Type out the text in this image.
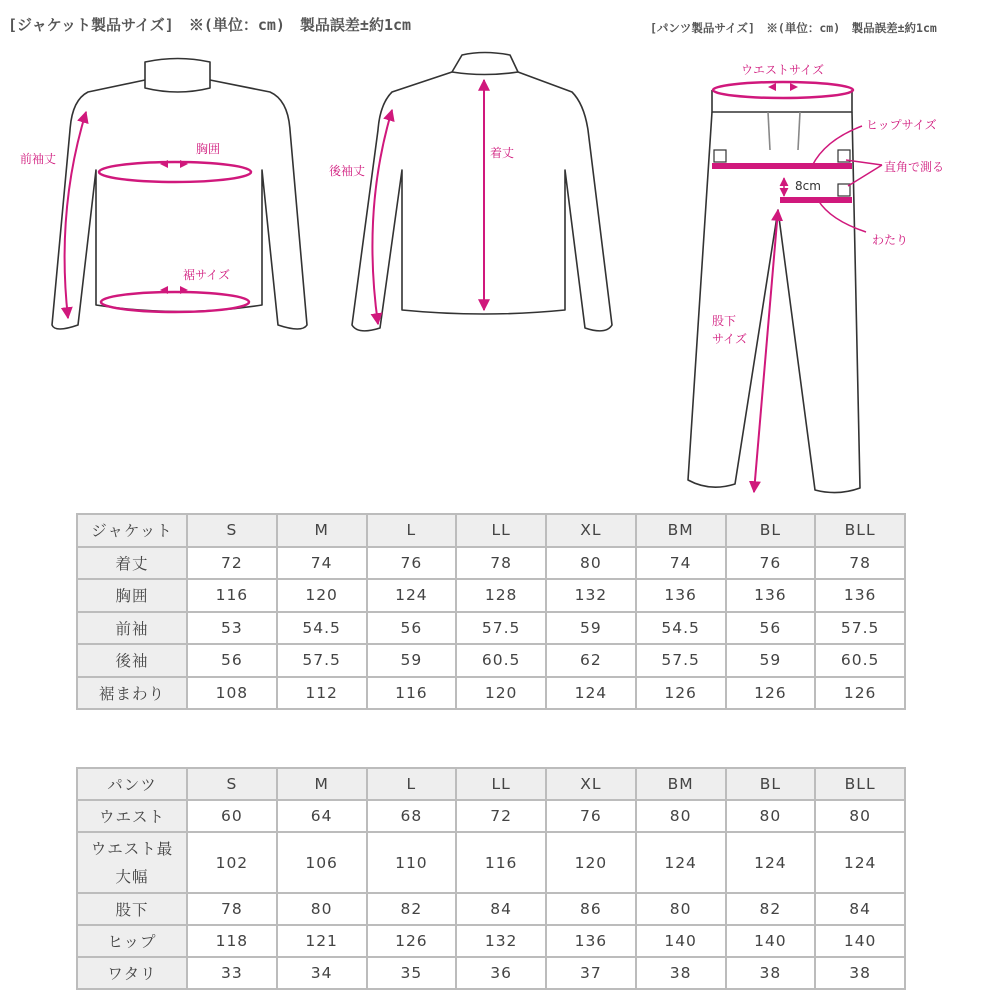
[ジャケット製品サイズ]　※(単位：cm)　製品誤差±約1cm	[パンツ製品サイズ]　※(単位：cm)　製品誤差±約1cm
前袖丈
胸囲
裾サイズ
後袖丈
着丈
ウエストサイズ
ヒップサイズ
直角で測る
8cm
わたり
股下
サイズ
ジャケット	S	M	L	LL	XL	BM	BL	BLL
着丈	72	74	76	78	80	74	76	78
胸囲	116	120	124	128	132	136	136	136
前袖	53	54.5	56	57.5	59	54.5	56	57.5
後袖	56	57.5	59	60.5	62	57.5	59	60.5
裾まわり	108	112	116	120	124	126	126	126
パンツ	S	M	L	LL	XL	BM	BL	BLL
ウエスト	60	64	68	72	76	80	80	80
ウエスト最
大幅	102	106	110	116	120	124	124	124
股下	78	80	82	84	86	80	82	84
ヒップ	118	121	126	132	136	140	140	140
ワタリ	33	34	35	36	37	38	38	38
